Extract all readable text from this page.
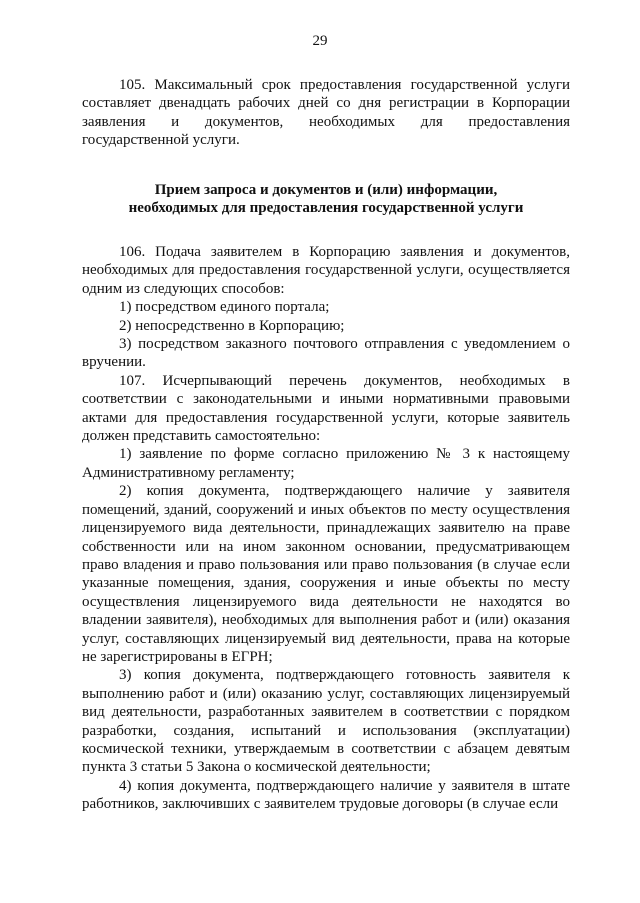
29

105. Максимальный срок предоставления государственной услуги составляет двенадцать рабочих дней со дня регистрации в Корпорации заявления и документов, необходимых для предоставления государственной услуги.

Прием запроса и документов и (или) информации,

необходимых для предоставления государственной услуги

106. Подача заявителем в Корпорацию заявления и документов, необходимых для предоставления государственной услуги, осуществляется одним из следующих способов:

1) посредством единого портала;

2) непосредственно в Корпорацию;

3) посредством заказного почтового отправления с уведомлением о вручении.

107. Исчерпывающий перечень документов, необходимых в соответствии с законодательными и иными нормативными правовыми актами для предоставления государственной услуги, которые заявитель должен представить самостоятельно:

1) заявление по форме согласно приложению № 3 к настоящему Административному регламенту;

2) копия документа, подтверждающего наличие у заявителя помещений, зданий, сооружений и иных объектов по месту осуществления лицензируемого вида деятельности, принадлежащих заявителю на праве собственности или на ином законном основании, предусматривающем право владения и право пользования или право пользования (в случае если указанные помещения, здания, сооружения и иные объекты по месту осуществления лицензируемого вида деятельности не находятся во владении заявителя), необходимых для выполнения работ и (или) оказания услуг, составляющих лицензируемый вид деятельности, права на которые не зарегистрированы в ЕГРН;

3) копия документа, подтверждающего готовность заявителя к выполнению работ и (или) оказанию услуг, составляющих лицензируемый вид деятельности, разработанных заявителем в соответствии с порядком разработки, создания, испытаний и использования (эксплуатации) космической техники, утверждаемым в соответствии с абзацем девятым пункта 3 статьи 5 Закона о космической деятельности;

4) копия документа, подтверждающего наличие у заявителя в штате работников, заключивших с заявителем трудовые договоры (в случае если
